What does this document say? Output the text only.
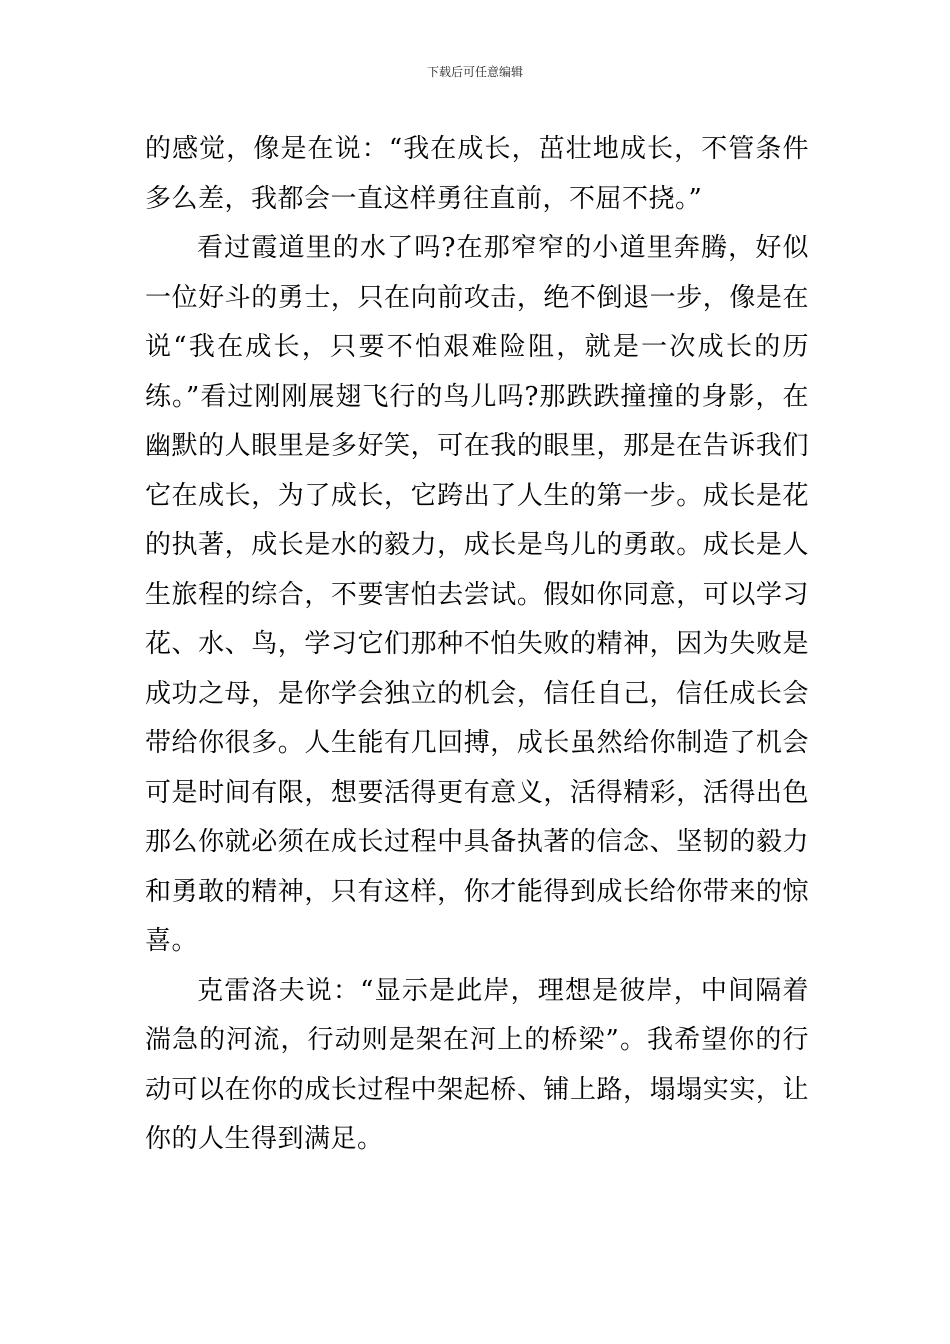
下载后可任意编辑

的感觉，像是在说：“我在成长，茁壮地成长，不管条件多么差，我都会一直这样勇往直前，不屈不挠。”

看过霞道里的水了吗?在那窄窄的小道里奔腾，好似一位好斗的勇士，只在向前攻击，绝不倒退一步，像是在说“我在成长，只要不怕艰难险阻，就是一次成长的历练。”看过刚刚展翅飞行的鸟儿吗?那跌跌撞撞的身影，在幽默的人眼里是多好笑，可在我的眼里，那是在告诉我们它在成长，为了成长，它跨出了人生的第一步。成长是花的执著，成长是水的毅力，成长是鸟儿的勇敢。成长是人生旅程的综合，不要害怕去尝试。假如你同意，可以学习花、水、鸟，学习它们那种不怕失败的精神，因为失败是成功之母，是你学会独立的机会，信任自己，信任成长会带给你很多。人生能有几回搏，成长虽然给你制造了机会可是时间有限，想要活得更有意义，活得精彩，活得出色那么你就必须在成长过程中具备执著的信念、坚韧的毅力和勇敢的精神，只有这样，你才能得到成长给你带来的惊喜。

克雷洛夫说：“显示是此岸，理想是彼岸，中间隔着湍急的河流，行动则是架在河上的桥梁”。我希望你的行动可以在你的成长过程中架起桥、铺上路，塌塌实实，让你的人生得到满足。
